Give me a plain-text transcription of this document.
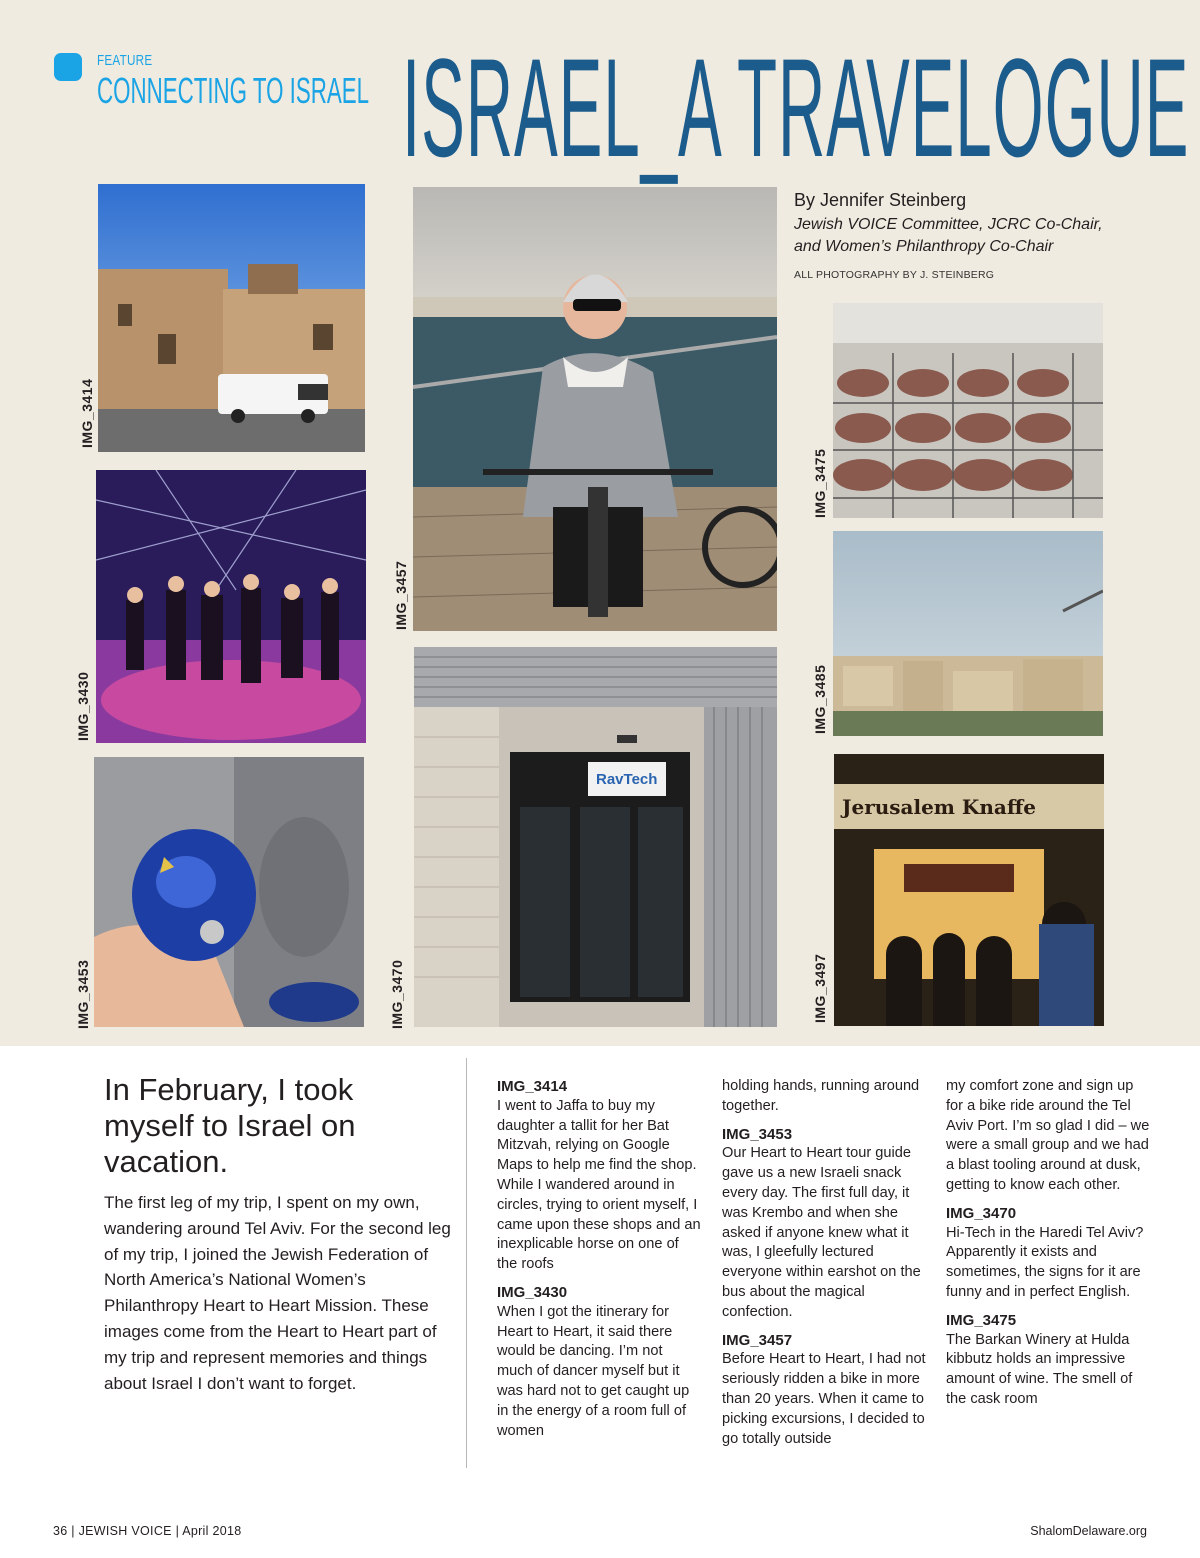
FEATURE
CONNECTING TO ISRAEL ISRAEL_A TRAVELOGUE
By Jennifer Steinberg
Jewish VOICE Committee, JCRC Co-Chair,
and Women’s Philanthropy Co-Chair
ALL PHOTOGRAPHY BY J. STEINBERG
IMG_3414
IMG_3430
IMG_3453
IMG_3457
RavTech
IMG_3470
IMG_3475
IMG_3485
Jerusalem Knaffe
IMG_3497
In February, I took myself to Israel on vacation.
The first leg of my trip, I spent on my own, wandering around Tel Aviv. For the second leg of my trip, I joined the Jewish Federation of North America’s National Women’s Philanthropy Heart to Heart Mission. These images come from the Heart to Heart part of my trip and represent memories and things about Israel I don’t want to forget.
IMG_3414
I went to Jaffa to buy my daughter a tallit for her Bat Mitzvah, relying on Google Maps to help me find the shop. While I wandered around in circles, trying to orient myself, I came upon these shops and an inexplicable horse on one of the roofs
IMG_3430
When I got the itinerary for Heart to Heart, it said there would be dancing. I’m not much of dancer myself but it was hard not to get caught up in the energy of a room full of women
holding hands, running around together.
IMG_3453
Our Heart to Heart tour guide gave us a new Israeli snack every day. The first full day, it was Krembo and when she asked if anyone knew what it was, I gleefully lectured everyone within earshot on the bus about the magical confection.
IMG_3457
Before Heart to Heart, I had not seriously ridden a bike in more than 20 years. When it came to picking excursions, I decided to go totally outside
my comfort zone and sign up for a bike ride around the Tel Aviv Port. I’m so glad I did – we were a small group and we had a blast tooling around at dusk, getting to know each other.
IMG_3470
Hi-Tech in the Haredi Tel Aviv? Apparently it exists and sometimes, the signs for it are funny and in perfect English.
IMG_3475
The Barkan Winery at Hulda kibbutz holds an impressive amount of wine. The smell of the cask room
36 | JEWISH VOICE | April 2018	ShalomDelaware.org
